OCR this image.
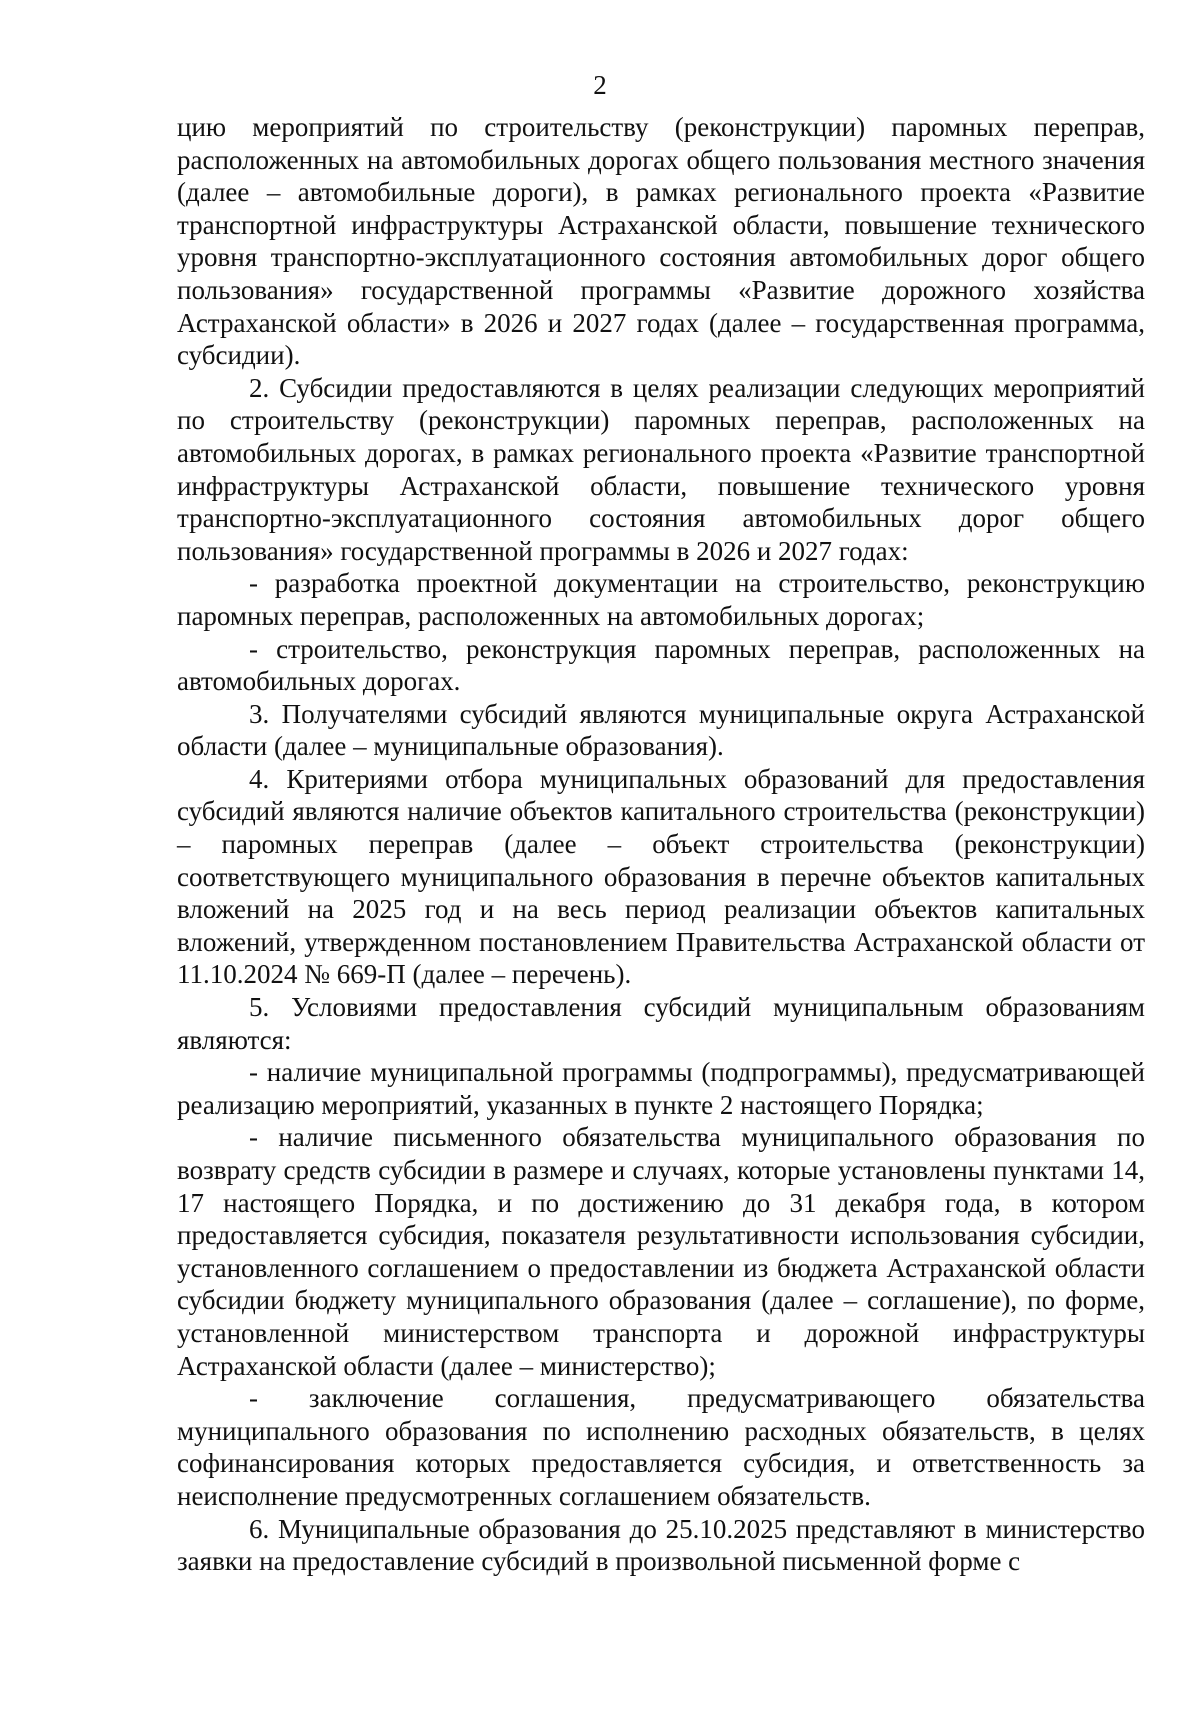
2

цию мероприятий по строительству (реконструкции) паромных переправ, расположенных на автомобильных дорогах общего пользования местного значения (далее – автомобильные дороги), в рамках регионального проекта «Развитие транспортной инфраструктуры Астраханской области, повышение технического уровня транспортно-эксплуатационного состояния автомобильных дорог общего пользования» государственной программы «Развитие дорожного хозяйства Астраханской области» в 2026 и 2027 годах (далее – государственная программа, субсидии).

2. Субсидии предоставляются в целях реализации следующих мероприятий по строительству (реконструкции) паромных переправ, расположенных на автомобильных дорогах, в рамках регионального проекта «Развитие транспортной инфраструктуры Астраханской области, повышение технического уровня транспортно-эксплуатационного состояния автомобильных дорог общего пользования» государственной программы в 2026 и 2027 годах:

- разработка проектной документации на строительство, реконструкцию паромных переправ, расположенных на автомобильных дорогах;

- строительство, реконструкция паромных переправ, расположенных на автомобильных дорогах.

3. Получателями субсидий являются муниципальные округа Астраханской области (далее – муниципальные образования).

4. Критериями отбора муниципальных образований для предоставления субсидий являются наличие объектов капитального строительства (реконструкции) – паромных переправ (далее – объект строительства (реконструкции) соответствующего муниципального образования в перечне объектов капитальных вложений на 2025 год и на весь период реализации объектов капитальных вложений, утвержденном постановлением Правительства Астраханской области от 11.10.2024 № 669-П (далее – перечень).

5. Условиями предоставления субсидий муниципальным образованиям являются:

- наличие муниципальной программы (подпрограммы), предусматривающей реализацию мероприятий, указанных в пункте 2 настоящего Порядка;

- наличие письменного обязательства муниципального образования по возврату средств субсидии в размере и случаях, которые установлены пунктами 14, 17 настоящего Порядка, и по достижению до 31 декабря года, в котором предоставляется субсидия, показателя результативности использования субсидии, установленного соглашением о предоставлении из бюджета Астраханской области субсидии бюджету муниципального образования (далее – соглашение), по форме, установленной министерством транспорта и дорожной инфраструктуры Астраханской области (далее – министерство);

- заключение соглашения, предусматривающего обязательства муниципального образования по исполнению расходных обязательств, в целях софинансирования которых предоставляется субсидия, и ответственность за неисполнение предусмотренных соглашением обязательств.

6. Муниципальные образования до 25.10.2025 представляют в министерство заявки на предоставление субсидий в произвольной письменной форме с
